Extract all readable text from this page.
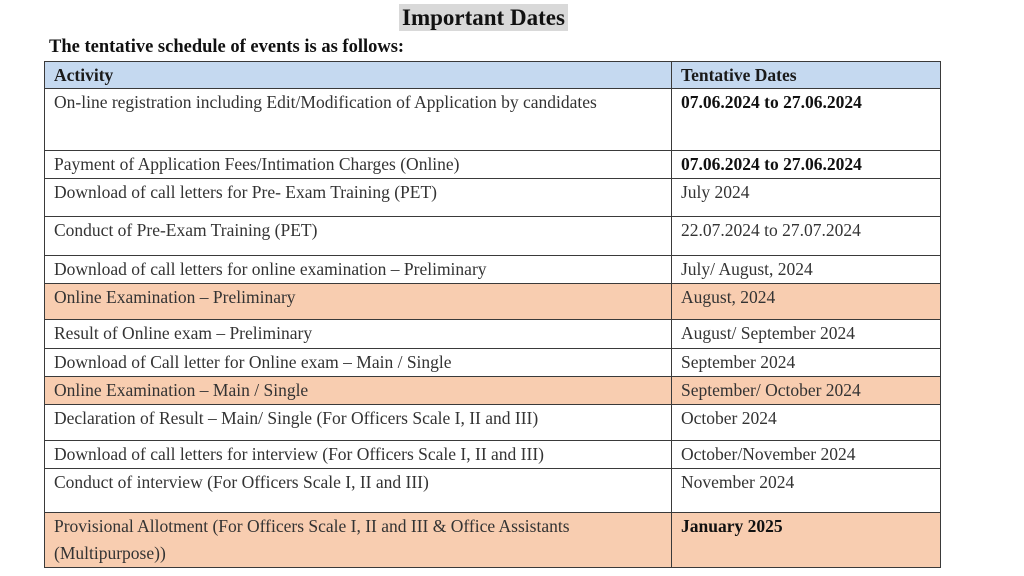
Important Dates
The tentative schedule of events is as follows:
Activity	Tentative Dates
On-line registration including Edit/Modification of Application by candidates	07.06.2024 to 27.06.2024
Payment of Application Fees/Intimation Charges (Online)	07.06.2024 to 27.06.2024
Download of call letters for Pre- Exam Training (PET)	July 2024
Conduct of Pre-Exam Training (PET)	22.07.2024 to 27.07.2024
Download of call letters for online examination – Preliminary	July/ August, 2024
Online Examination – Preliminary	August, 2024
Result of Online exam – Preliminary	August/ September 2024
Download of Call letter for Online exam – Main / Single	September 2024
Online Examination – Main / Single	September/ October 2024
Declaration of Result – Main/ Single (For Officers Scale I, II and III)	October 2024
Download of call letters for interview (For Officers Scale I, II and III)	October/November 2024
Conduct of interview (For Officers Scale I, II and III)	November 2024
Provisional Allotment (For Officers Scale I, II and III & Office Assistants (Multipurpose))	January 2025
